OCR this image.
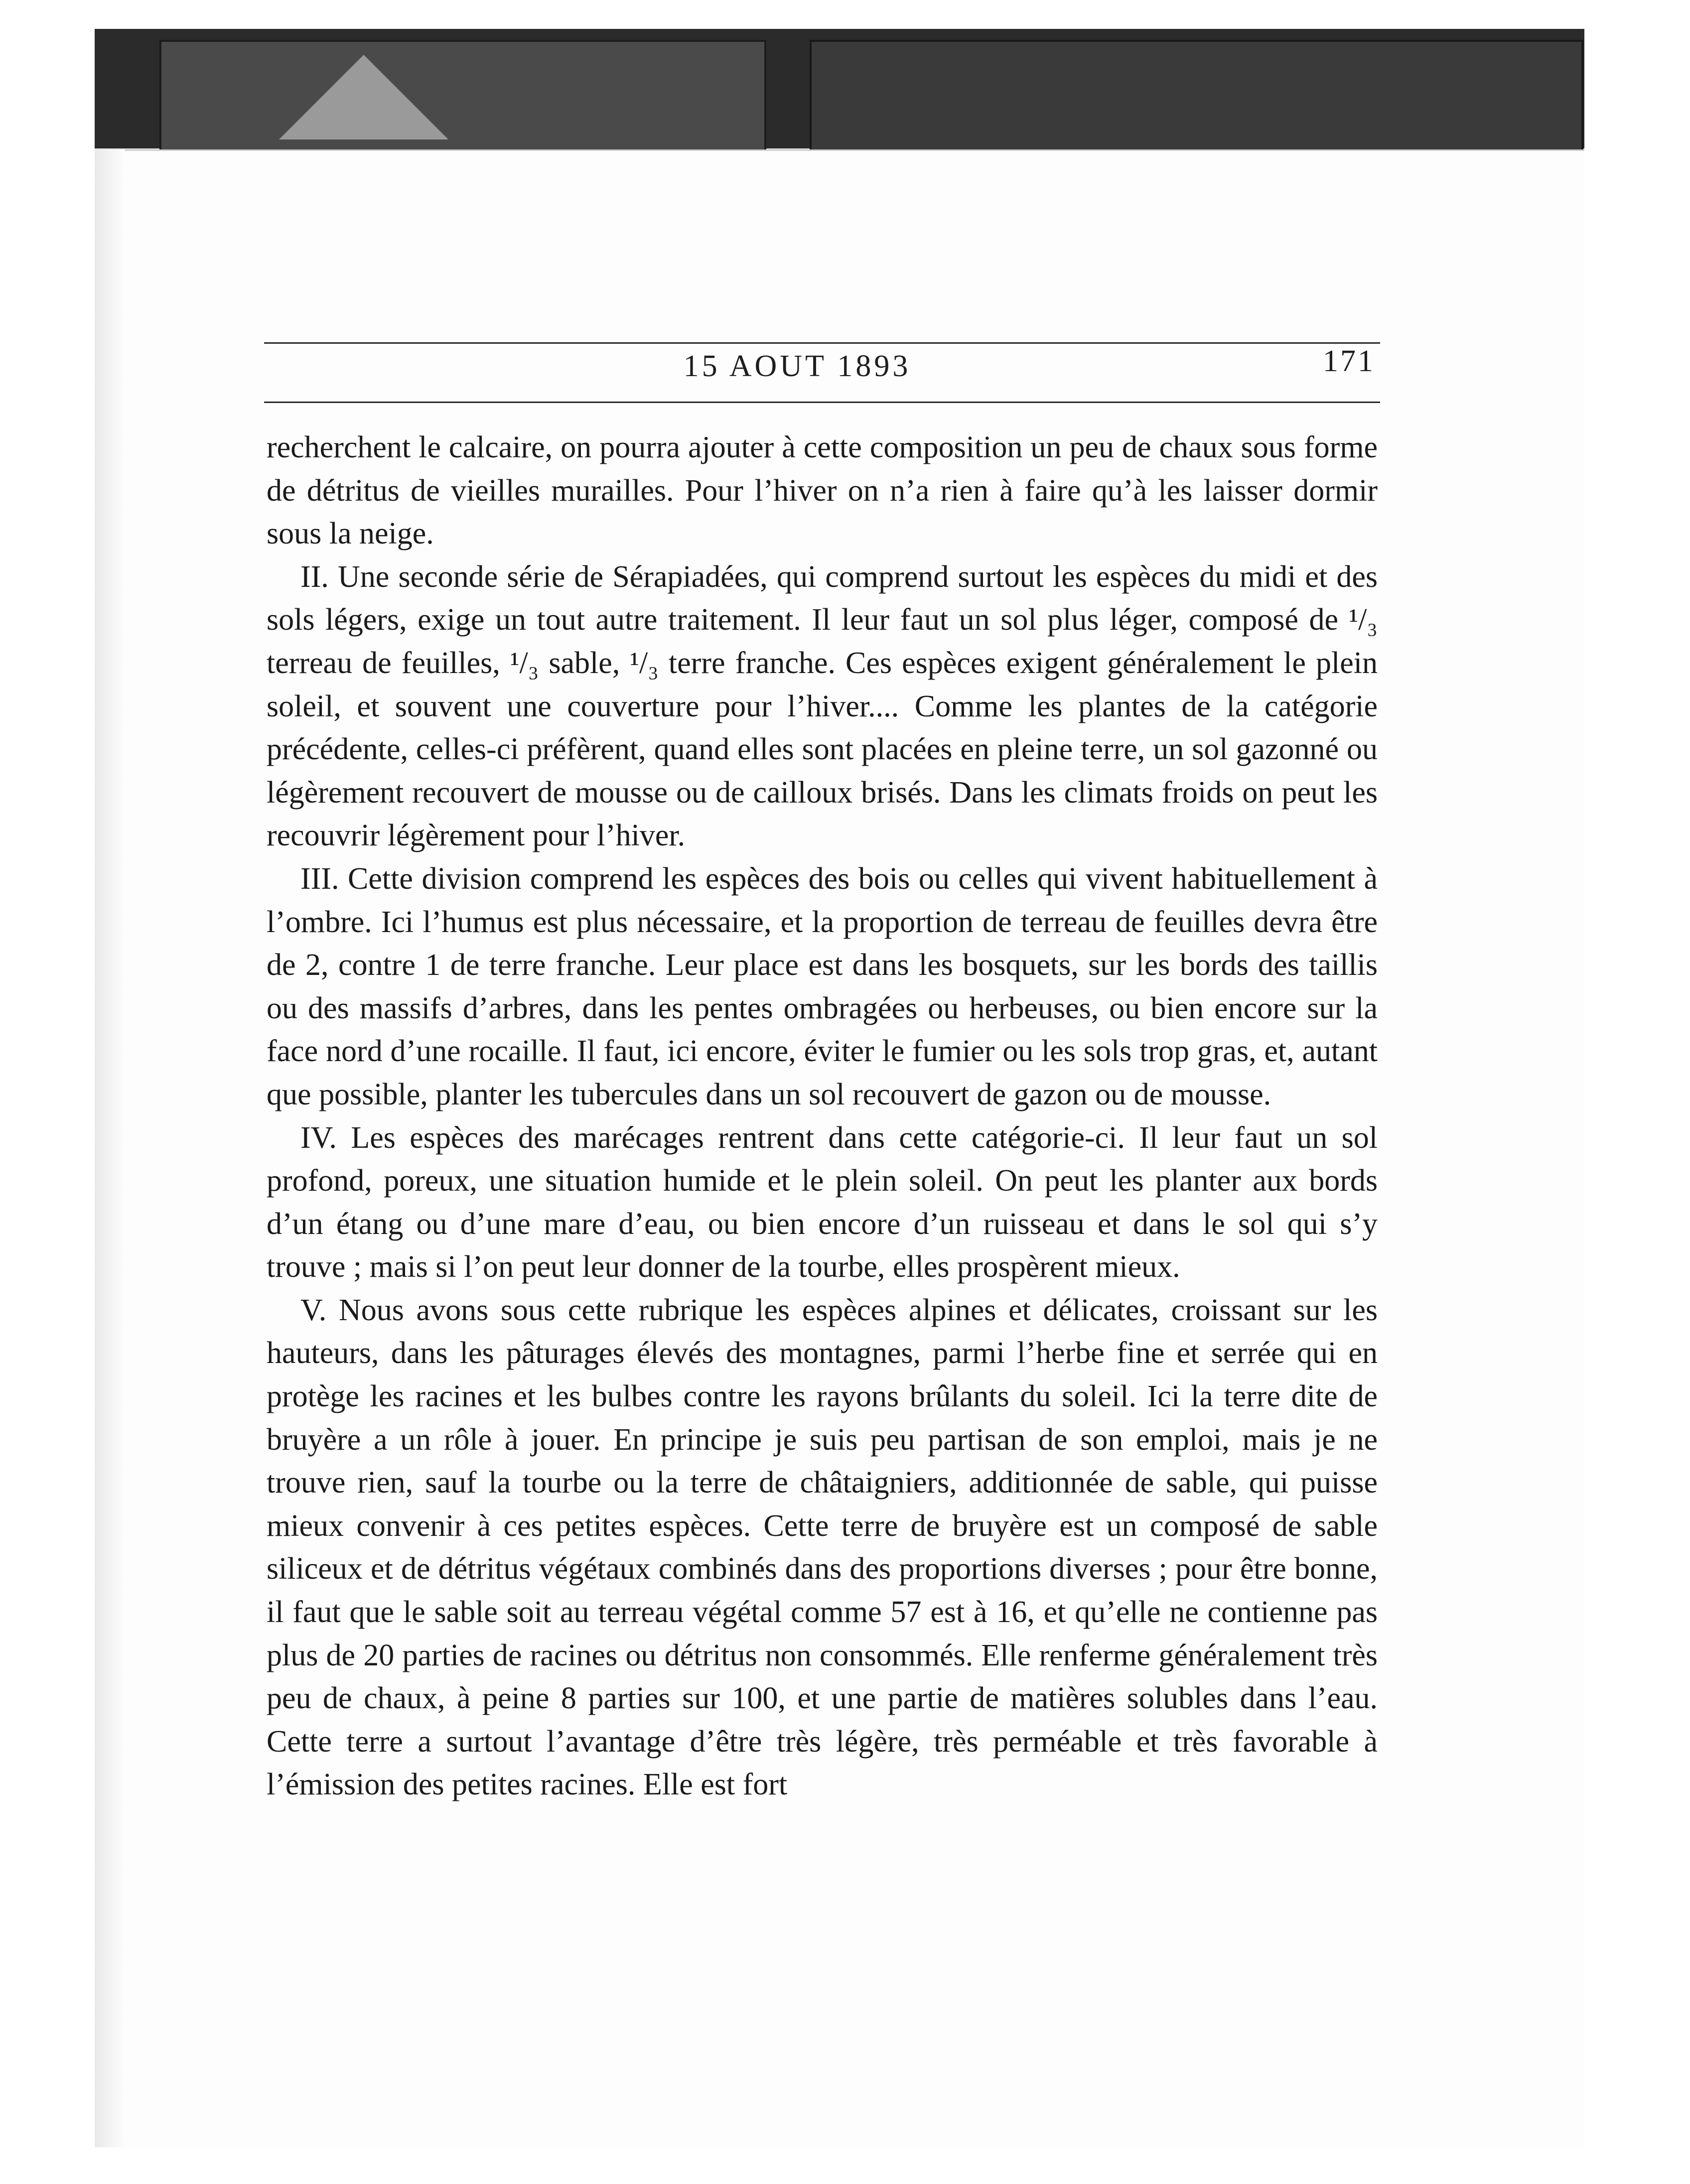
15 AOUT 1893	171

recherchent le calcaire, on pourra ajouter à cette composition un peu de chaux sous forme de détritus de vieilles murailles. Pour l’hiver on n’a rien à faire qu’à les laisser dormir sous la neige.

II. Une seconde série de Sérapiadées, qui comprend surtout les espèces du midi et des sols légers, exige un tout autre traitement. Il leur faut un sol plus léger, composé de ¹/₃ terreau de feuilles, ¹/₃ sable, ¹/₃ terre franche. Ces espèces exigent généralement le plein soleil, et souvent une couverture pour l’hiver.... Comme les plantes de la catégorie précédente, celles-ci préfèrent, quand elles sont placées en pleine terre, un sol gazonné ou légèrement recouvert de mousse ou de cailloux brisés. Dans les climats froids on peut les recouvrir légèrement pour l’hiver.

III. Cette division comprend les espèces des bois ou celles qui vivent habituellement à l’ombre. Ici l’humus est plus nécessaire, et la proportion de terreau de feuilles devra être de 2, contre 1 de terre franche. Leur place est dans les bosquets, sur les bords des taillis ou des massifs d’arbres, dans les pentes ombragées ou herbeuses, ou bien encore sur la face nord d’une rocaille. Il faut, ici encore, éviter le fumier ou les sols trop gras, et, autant que possible, planter les tubercules dans un sol recouvert de gazon ou de mousse.

IV. Les espèces des marécages rentrent dans cette catégorie-ci. Il leur faut un sol profond, poreux, une situation humide et le plein soleil. On peut les planter aux bords d’un étang ou d’une mare d’eau, ou bien encore d’un ruisseau et dans le sol qui s’y trouve ; mais si l’on peut leur donner de la tourbe, elles prospèrent mieux.

V. Nous avons sous cette rubrique les espèces alpines et délicates, croissant sur les hauteurs, dans les pâturages élevés des montagnes, parmi l’herbe fine et serrée qui en protège les racines et les bulbes contre les rayons brûlants du soleil. Ici la terre dite de bruyère a un rôle à jouer. En principe je suis peu partisan de son emploi, mais je ne trouve rien, sauf la tourbe ou la terre de châtaigniers, additionnée de sable, qui puisse mieux convenir à ces petites espèces. Cette terre de bruyère est un composé de sable siliceux et de détritus végétaux combinés dans des proportions diverses ; pour être bonne, il faut que le sable soit au terreau végétal comme 57 est à 16, et qu’elle ne contienne pas plus de 20 parties de racines ou détritus non consommés. Elle renferme généralement très peu de chaux, à peine 8 parties sur 100, et une partie de matières solubles dans l’eau. Cette terre a surtout l’avantage d’être très légère, très perméable et très favorable à l’émission des petites racines. Elle est fort
